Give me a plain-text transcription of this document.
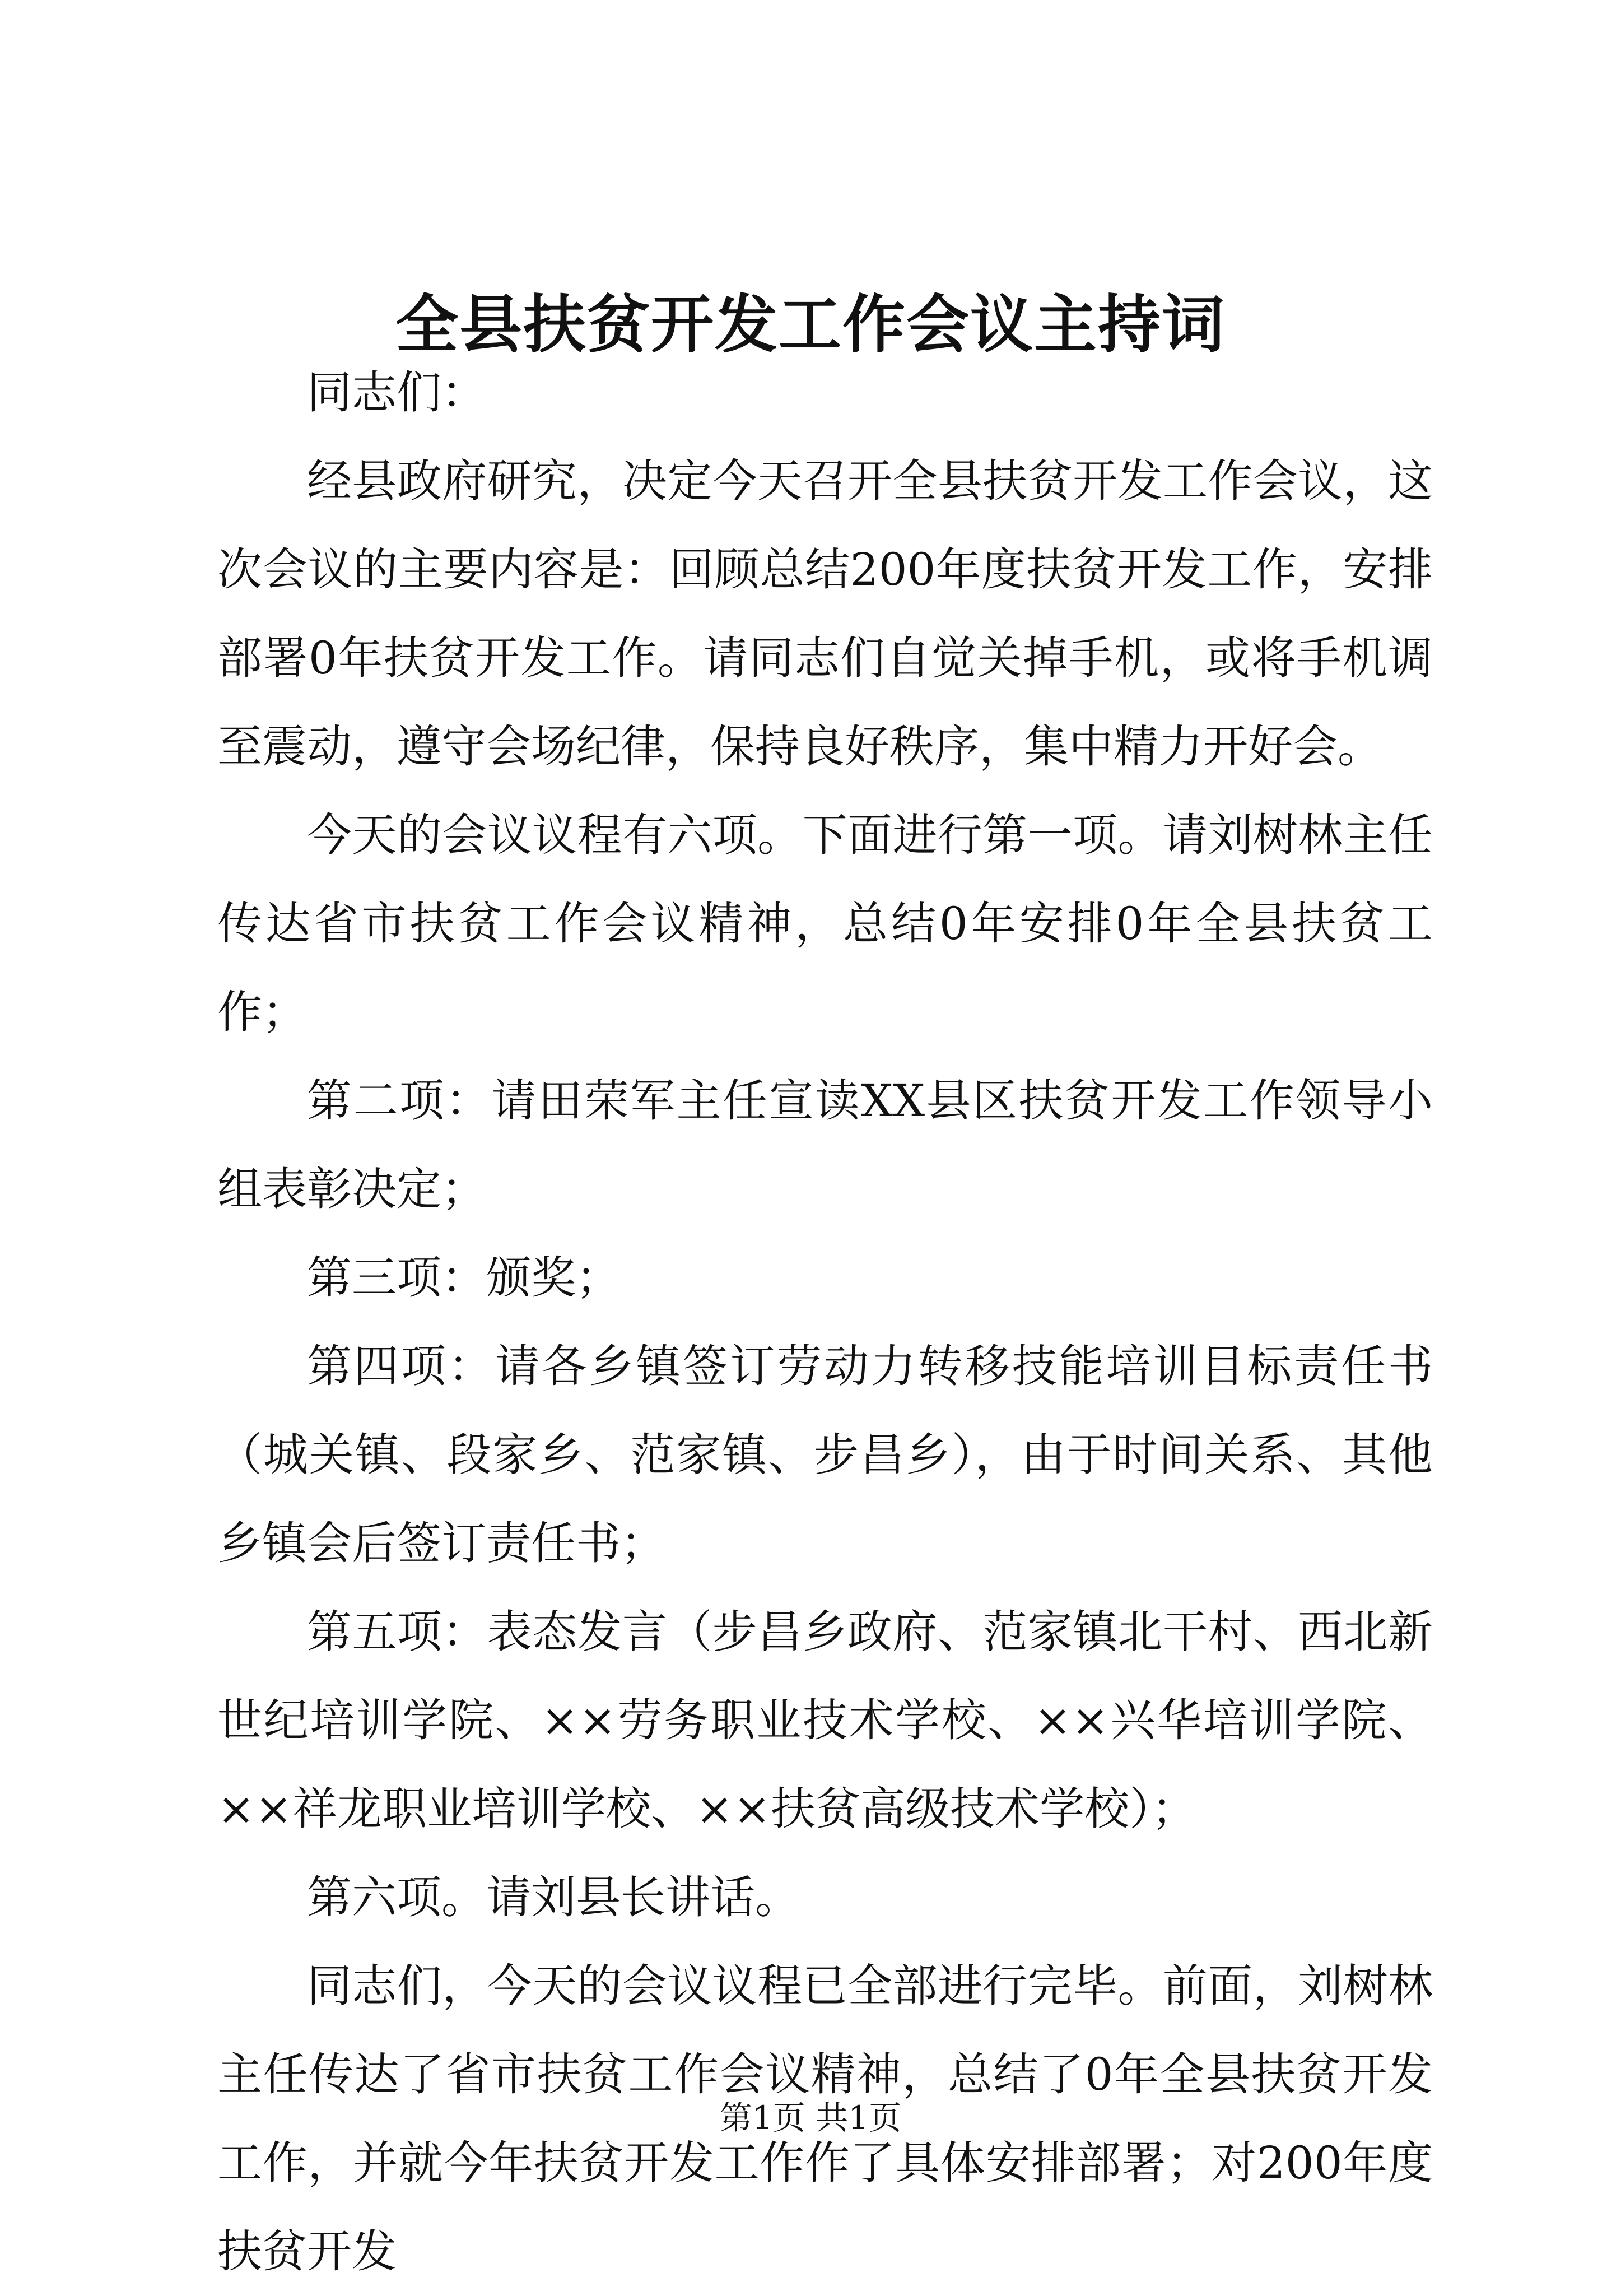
全县扶贫开发工作会议主持词

同志们：

经县政府研究，决定今天召开全县扶贫开发工作会议，这次会议的主要内容是：回顾总结200年度扶贫开发工作，安排部署0年扶贫开发工作。请同志们自觉关掉手机，或将手机调至震动，遵守会场纪律，保持良好秩序，集中精力开好会。

今天的会议议程有六项。下面进行第一项。请刘树林主任传达省市扶贫工作会议精神，总结0年安排0年全县扶贫工作；

第二项：请田荣军主任宣读XX县区扶贫开发工作领导小组表彰决定；

第三项：颁奖；

第四项：请各乡镇签订劳动力转移技能培训目标责任书（城关镇、段家乡、范家镇、步昌乡），由于时间关系、其他乡镇会后签订责任书；

第五项：表态发言（步昌乡政府、范家镇北干村、西北新世纪培训学院、××劳务职业技术学校、××兴华培训学院、××祥龙职业培训学校、××扶贫高级技术学校）；

第六项。请刘县长讲话。

同志们，今天的会议议程已全部进行完毕。前面，刘树林主任传达了省市扶贫工作会议精神，总结了0年全县扶贫开发工作，并就今年扶贫开发工作作了具体安排部署；对200年度扶贫开发

第1页 共1页
